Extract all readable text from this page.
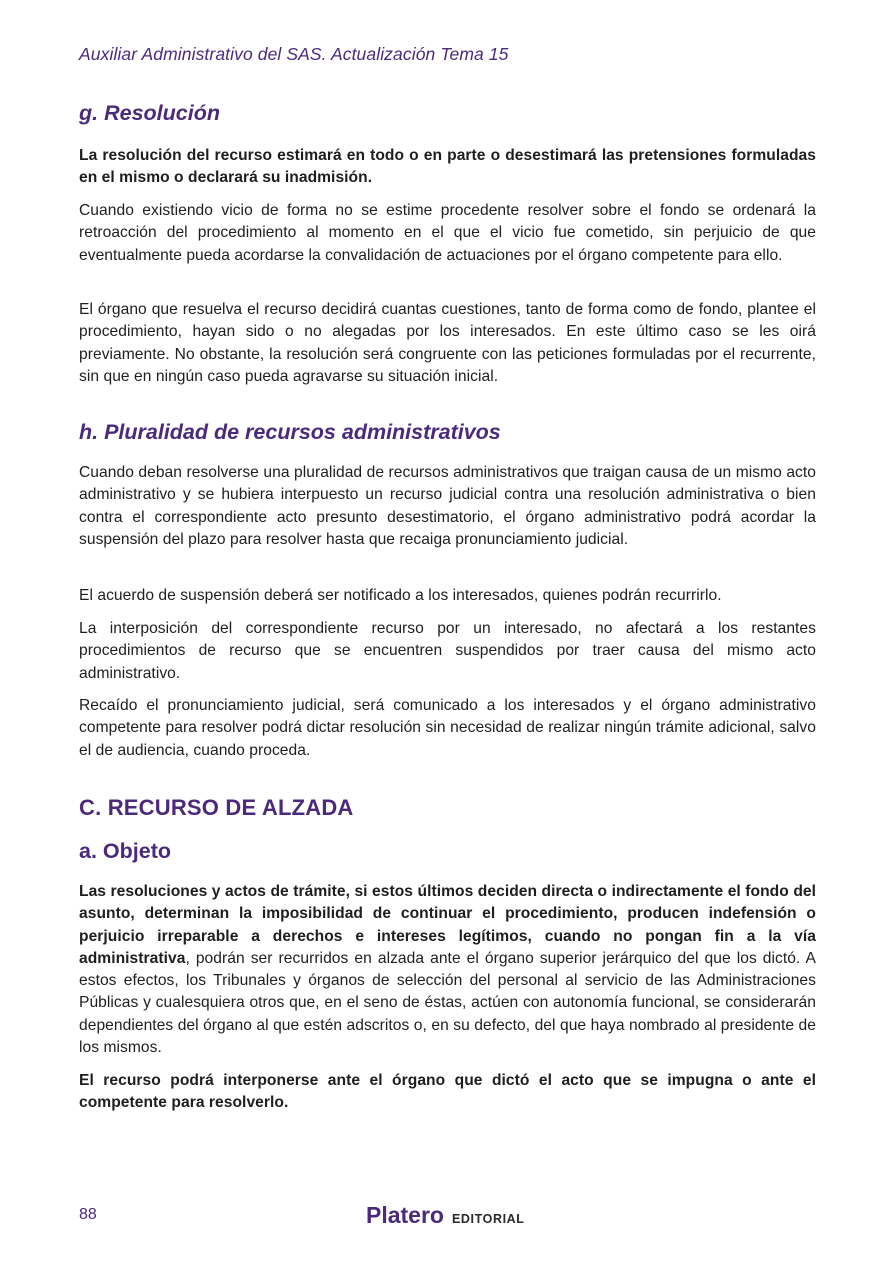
Auxiliar Administrativo del SAS. Actualización Tema 15
g. Resolución

La resolución del recurso estimará en todo o en parte o desestimará las pretensiones formuladas en el mismo o declarará su inadmisión.

Cuando existiendo vicio de forma no se estime procedente resolver sobre el fondo se ordenará la retroacción del procedimiento al momento en el que el vicio fue cometido, sin perjuicio de que eventualmente pueda acordarse la convalidación de actuaciones por el órgano competente para ello.

El órgano que resuelva el recurso decidirá cuantas cuestiones, tanto de forma como de fondo, plantee el procedimiento, hayan sido o no alegadas por los interesados. En este último caso se les oirá previamente. No obstante, la resolución será congruente con las peticiones formuladas por el recurrente, sin que en ningún caso pueda agravarse su situación inicial.

h. Pluralidad de recursos administrativos

Cuando deban resolverse una pluralidad de recursos administrativos que traigan causa de un mismo acto administrativo y se hubiera interpuesto un recurso judicial contra una resolución administrativa o bien contra el correspondiente acto presunto desestimatorio, el órgano administrativo podrá acordar la suspensión del plazo para resolver hasta que recaiga pronunciamiento judicial.

El acuerdo de suspensión deberá ser notificado a los interesados, quienes podrán recurrirlo.

La interposición del correspondiente recurso por un interesado, no afectará a los restantes procedimientos de recurso que se encuentren suspendidos por traer causa del mismo acto administrativo.

Recaído el pronunciamiento judicial, será comunicado a los interesados y el órgano administrativo competente para resolver podrá dictar resolución sin necesidad de realizar ningún trámite adicional, salvo el de audiencia, cuando proceda.

C. RECURSO DE ALZADA
a. Objeto

Las resoluciones y actos de trámite, si estos últimos deciden directa o indirectamente el fondo del asunto, determinan la imposibilidad de continuar el procedimiento, producen indefensión o perjuicio irreparable a derechos e intereses legítimos, cuando no pongan fin a la vía administrativa, podrán ser recurridos en alzada ante el órgano superior jerárquico del que los dictó. A estos efectos, los Tribunales y órganos de selección del personal al servicio de las Administraciones Públicas y cualesquiera otros que, en el seno de éstas, actúen con autonomía funcional, se considerarán dependientes del órgano al que estén adscritos o, en su defecto, del que haya nombrado al presidente de los mismos.

El recurso podrá interponerse ante el órgano que dictó el acto que se impugna o ante el competente para resolverlo.

88	Platero EDITORIAL
